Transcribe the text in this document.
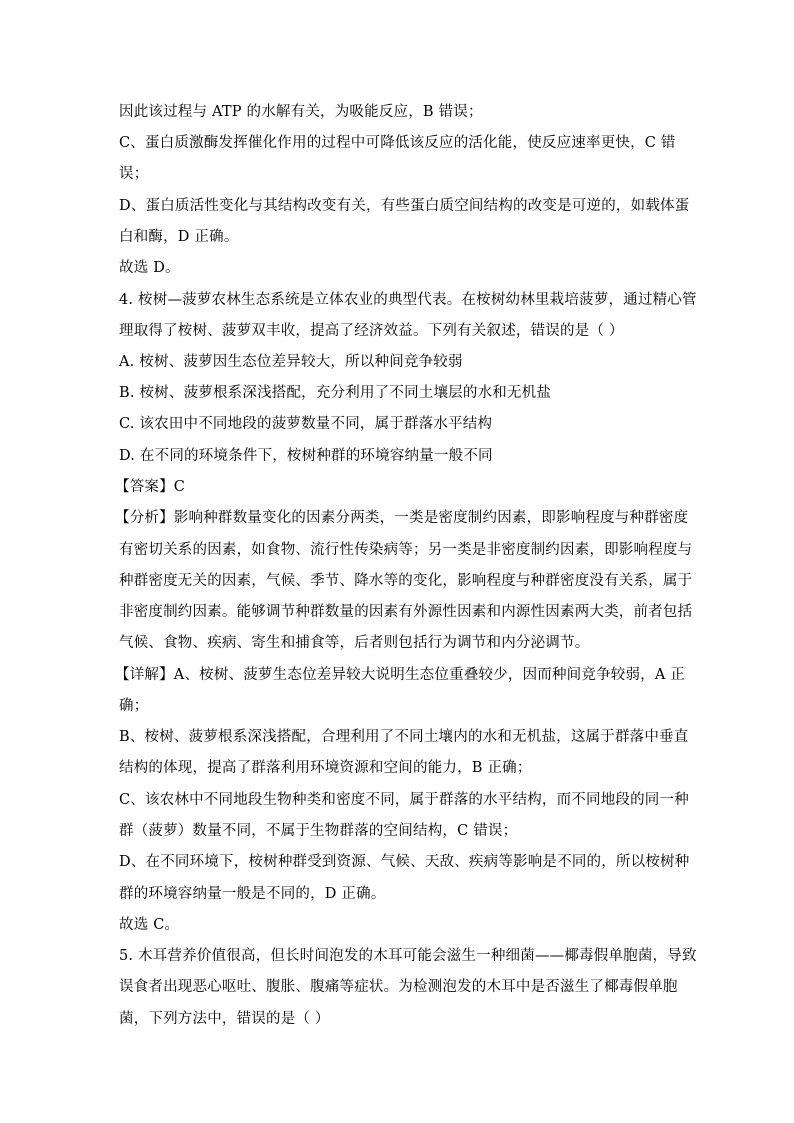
因此该过程与 ATP 的水解有关，为吸能反应，B 错误；
C、蛋白质激酶发挥催化作用的过程中可降低该反应的活化能，使反应速率更快，C 错
误；
D、蛋白质活性变化与其结构改变有关，有些蛋白质空间结构的改变是可逆的，如载体蛋
白和酶，D 正确。
故选 D。
4. 桉树—菠萝农林生态系统是立体农业的典型代表。在桉树幼林里栽培菠萝，通过精心管
理取得了桉树、菠萝双丰收，提高了经济效益。下列有关叙述，错误的是（ ）
A. 桉树、菠萝因生态位差异较大，所以种间竞争较弱
B. 桉树、菠萝根系深浅搭配，充分利用了不同土壤层的水和无机盐
C. 该农田中不同地段的菠萝数量不同，属于群落水平结构
D. 在不同的环境条件下，桉树种群的环境容纳量一般不同
【答案】C
【分析】影响种群数量变化的因素分两类，一类是密度制约因素，即影响程度与种群密度
有密切关系的因素，如食物、流行性传染病等；另一类是非密度制约因素，即影响程度与
种群密度无关的因素，气候、季节、降水等的变化，影响程度与种群密度没有关系，属于
非密度制约因素。能够调节种群数量的因素有外源性因素和内源性因素两大类，前者包括
气候、食物、疾病、寄生和捕食等，后者则包括行为调节和内分泌调节。
【详解】A、桉树、菠萝生态位差异较大说明生态位重叠较少，因而种间竞争较弱，A 正
确；
B、桉树、菠萝根系深浅搭配，合理利用了不同土壤内的水和无机盐，这属于群落中垂直
结构的体现，提高了群落利用环境资源和空间的能力，B 正确；
C、该农林中不同地段生物种类和密度不同，属于群落的水平结构，而不同地段的同一种
群（菠萝）数量不同，不属于生物群落的空间结构，C 错误；
D、在不同环境下，桉树种群受到资源、气候、天敌、疾病等影响是不同的，所以桉树种
群的环境容纳量一般是不同的，D 正确。
故选 C。
5. 木耳营养价值很高，但长时间泡发的木耳可能会滋生一种细菌——椰毒假单胞菌，导致
误食者出现恶心呕吐、腹胀、腹痛等症状。为检测泡发的木耳中是否滋生了椰毒假单胞
菌，下列方法中，错误的是（ ）
